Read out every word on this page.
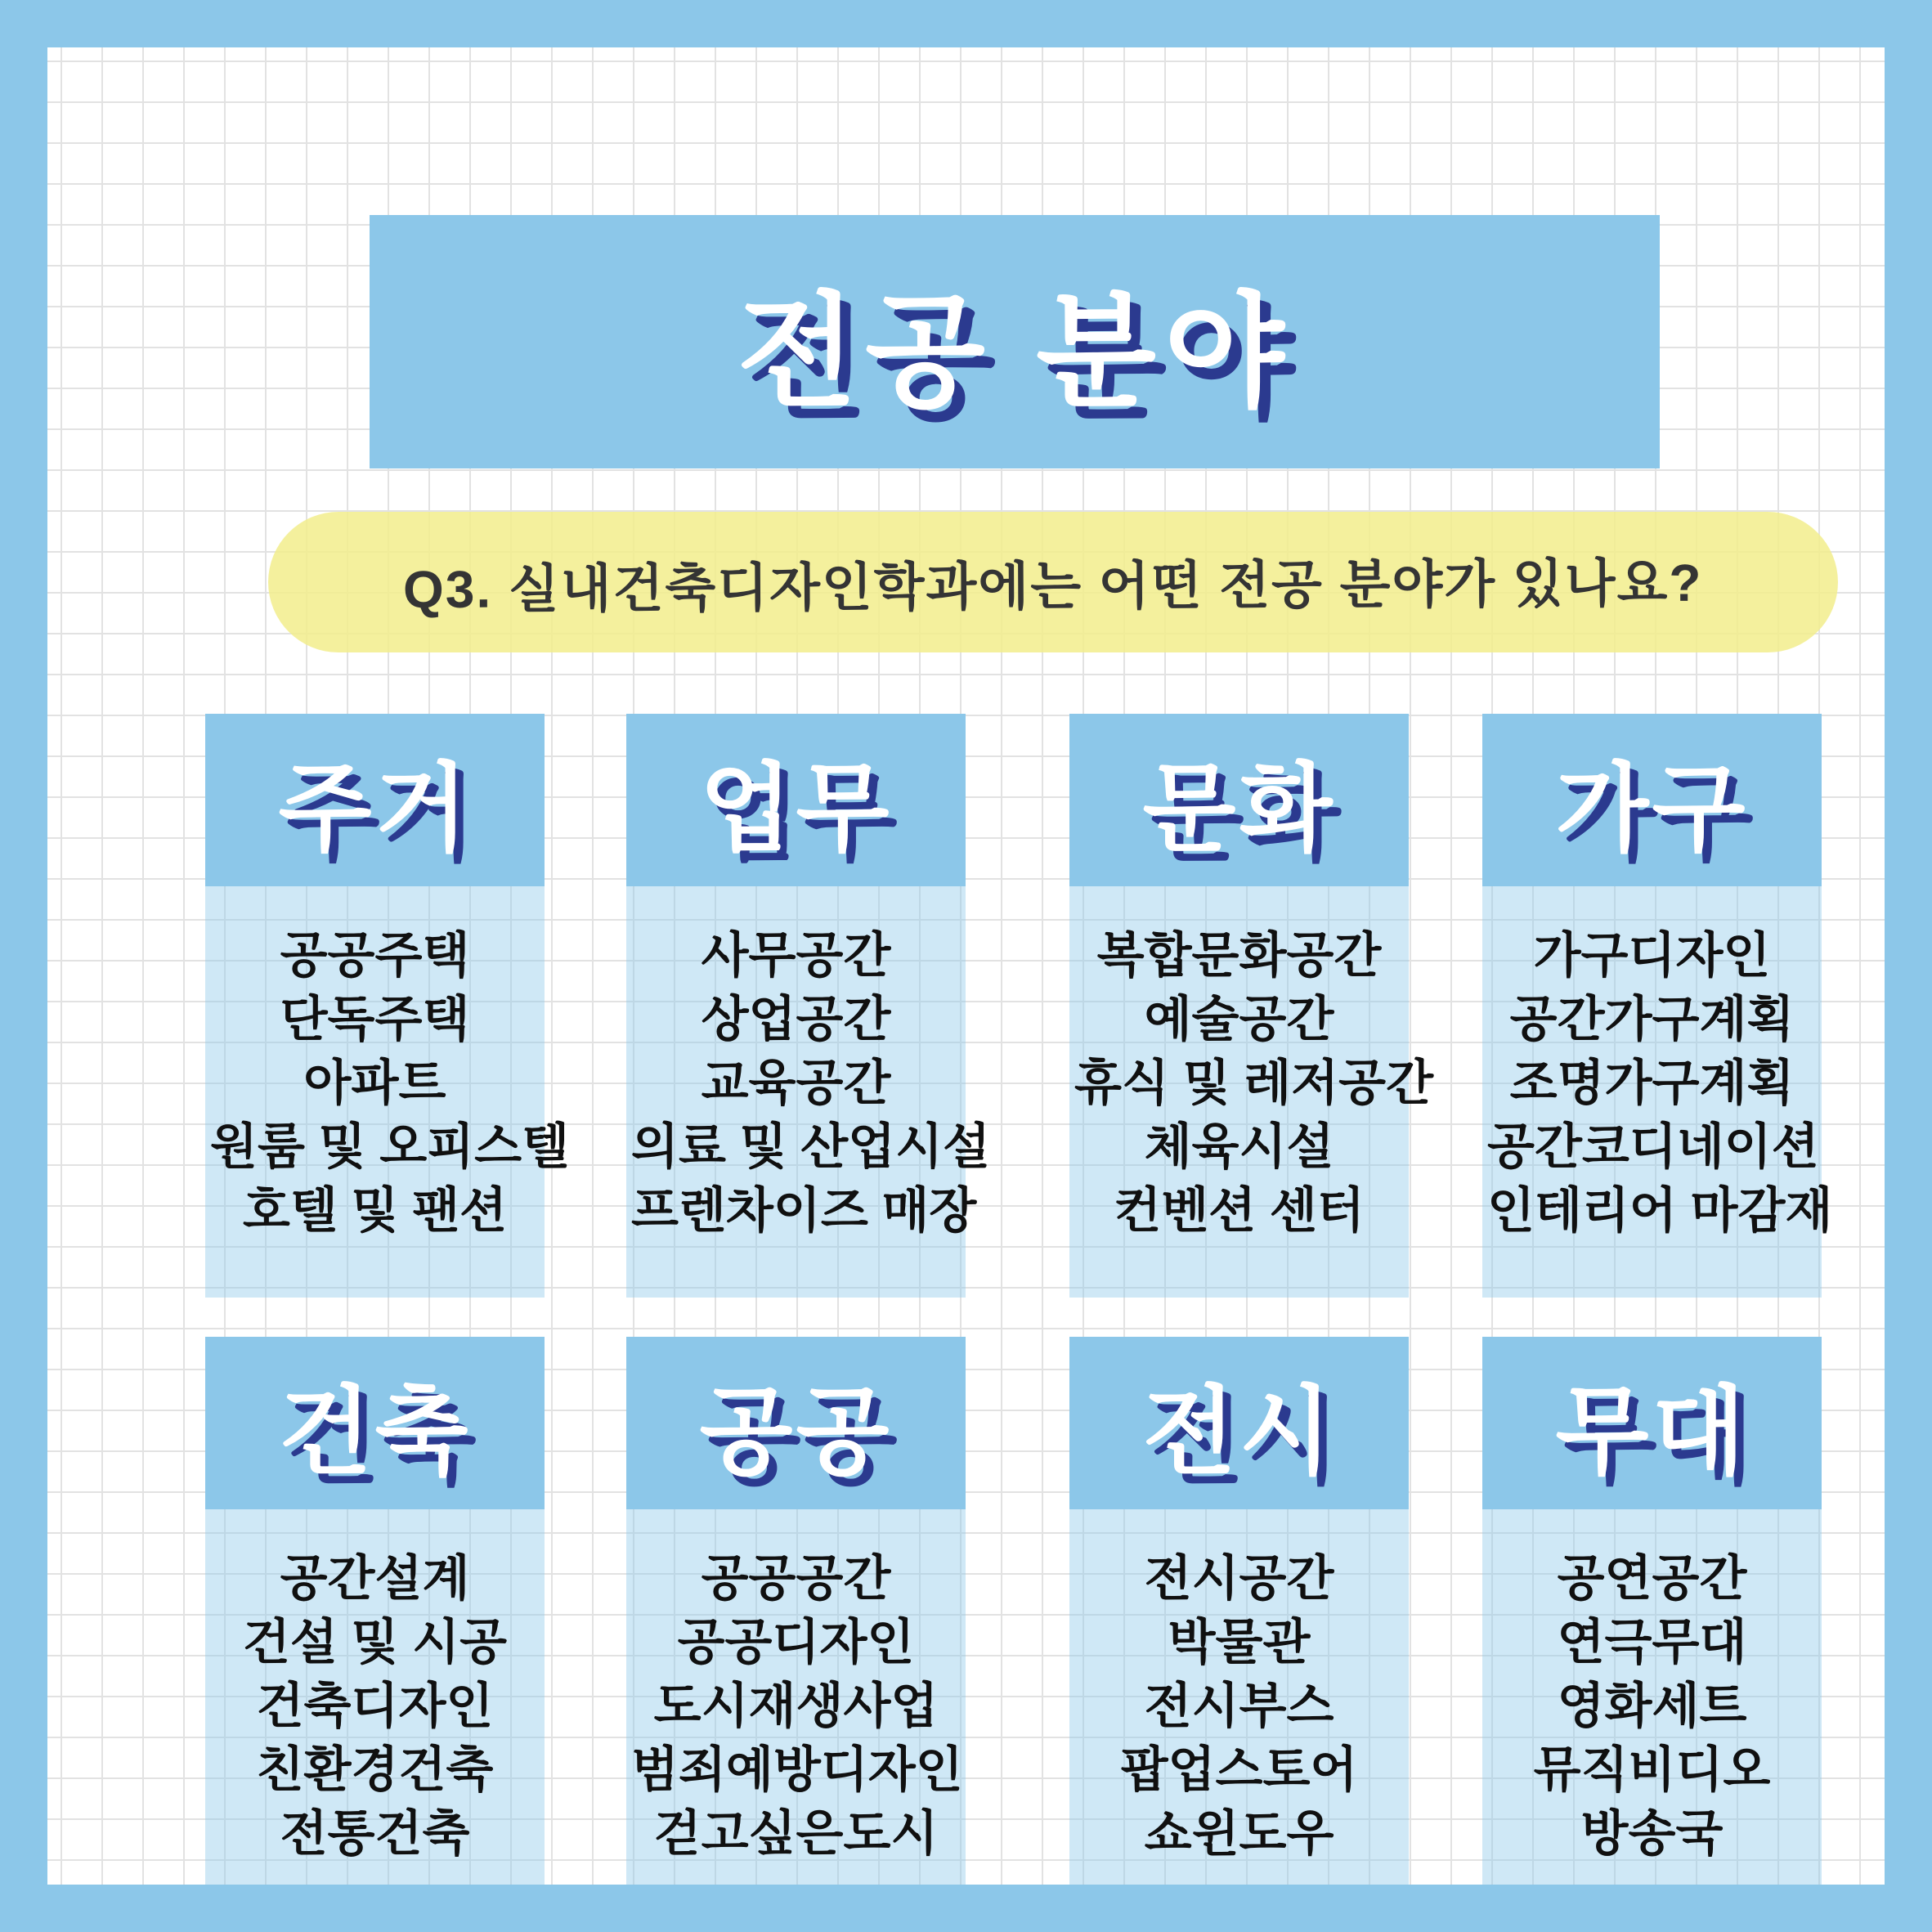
전공 분야
Q3. 실내건축디자인학과에는 어떤 전공 분야가 있나요?
주거
공공주택
단독주택
아파트
원룸 및 오피스텔
호텔 및 팬션
업무
사무공간
상업공간
교육공간
의료 및 산업시설
프렌차이즈 매장
문화
복합문화공간
예술공간
휴식 및 레저공간
체육시설
컨벤션 센터
가구
가구디자인
공간가구계획
조명가구계획
공간코디네이션
인테리어 마감재
건축
공간설계
건설 및 시공
건축디자인
친환경건축
전통건축
공공
공공공간
공공디자인
도시재생사업
범죄예방디자인
걷고싶은도시
전시
전시공간
박물관
전시부스
팝업스토어
쇼윈도우
무대
공연공간
연극무대
영화세트
뮤직비디오
방송국
